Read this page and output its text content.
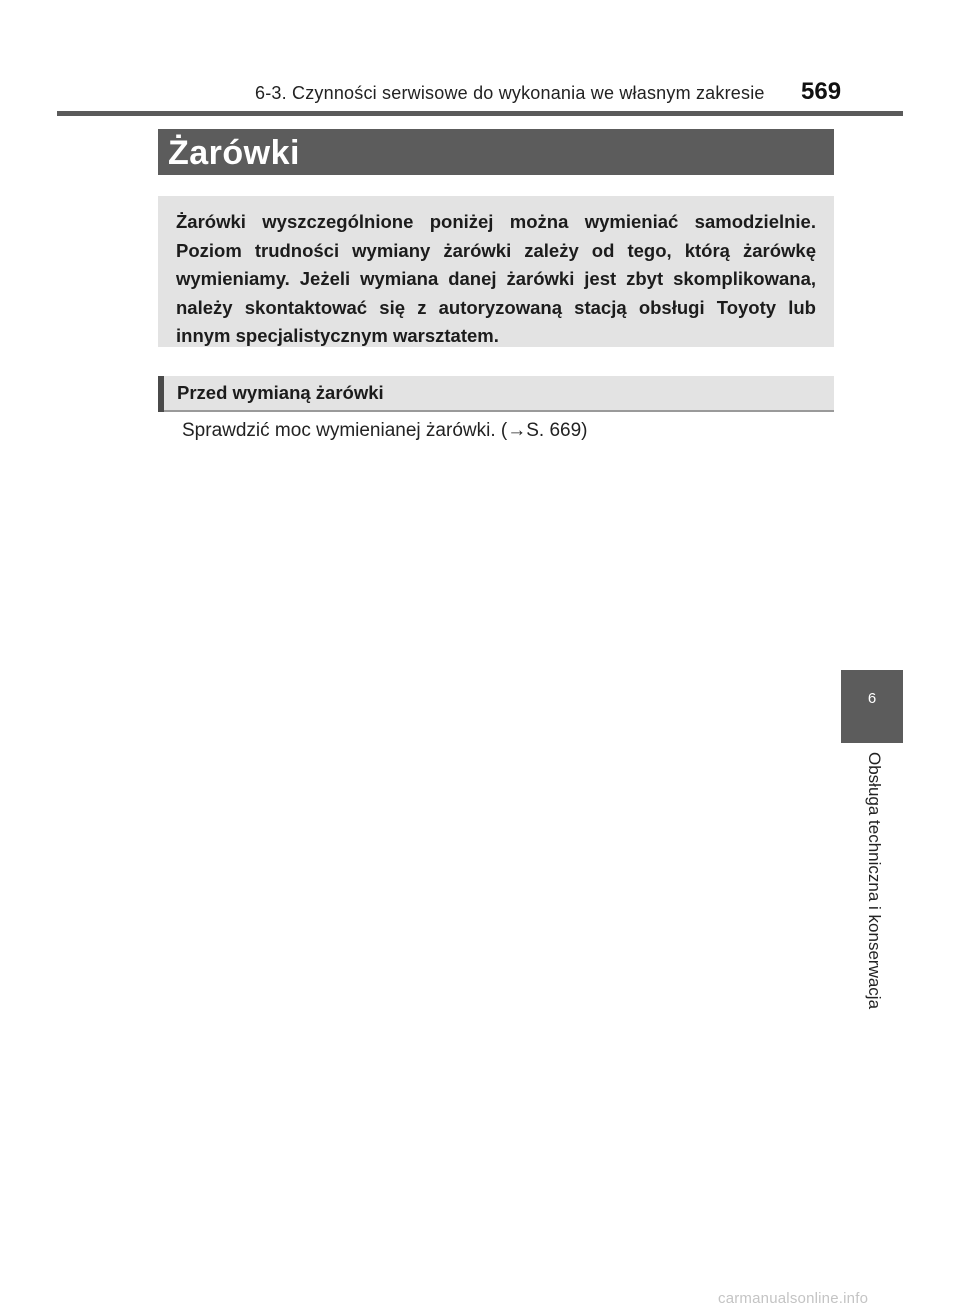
6-3. Czynności serwisowe do wykonania we własnym zakresie 569
Żarówki

Żarówki wyszczególnione poniżej można wymieniać samodzielnie. Poziom trudności wymiany żarówki zależy od tego, którą żarówkę wymieniamy. Jeżeli wymiana danej żarówki jest zbyt skomplikowana, należy skontaktować się z autoryzowaną stacją obsługi Toyoty lub innym specjalistycznym warsztatem.

Przed wymianą żarówki

Sprawdzić moc wymienianej żarówki. (→S. 669)

6
Obsługa techniczna i konserwacja
carmanualsonline.info
